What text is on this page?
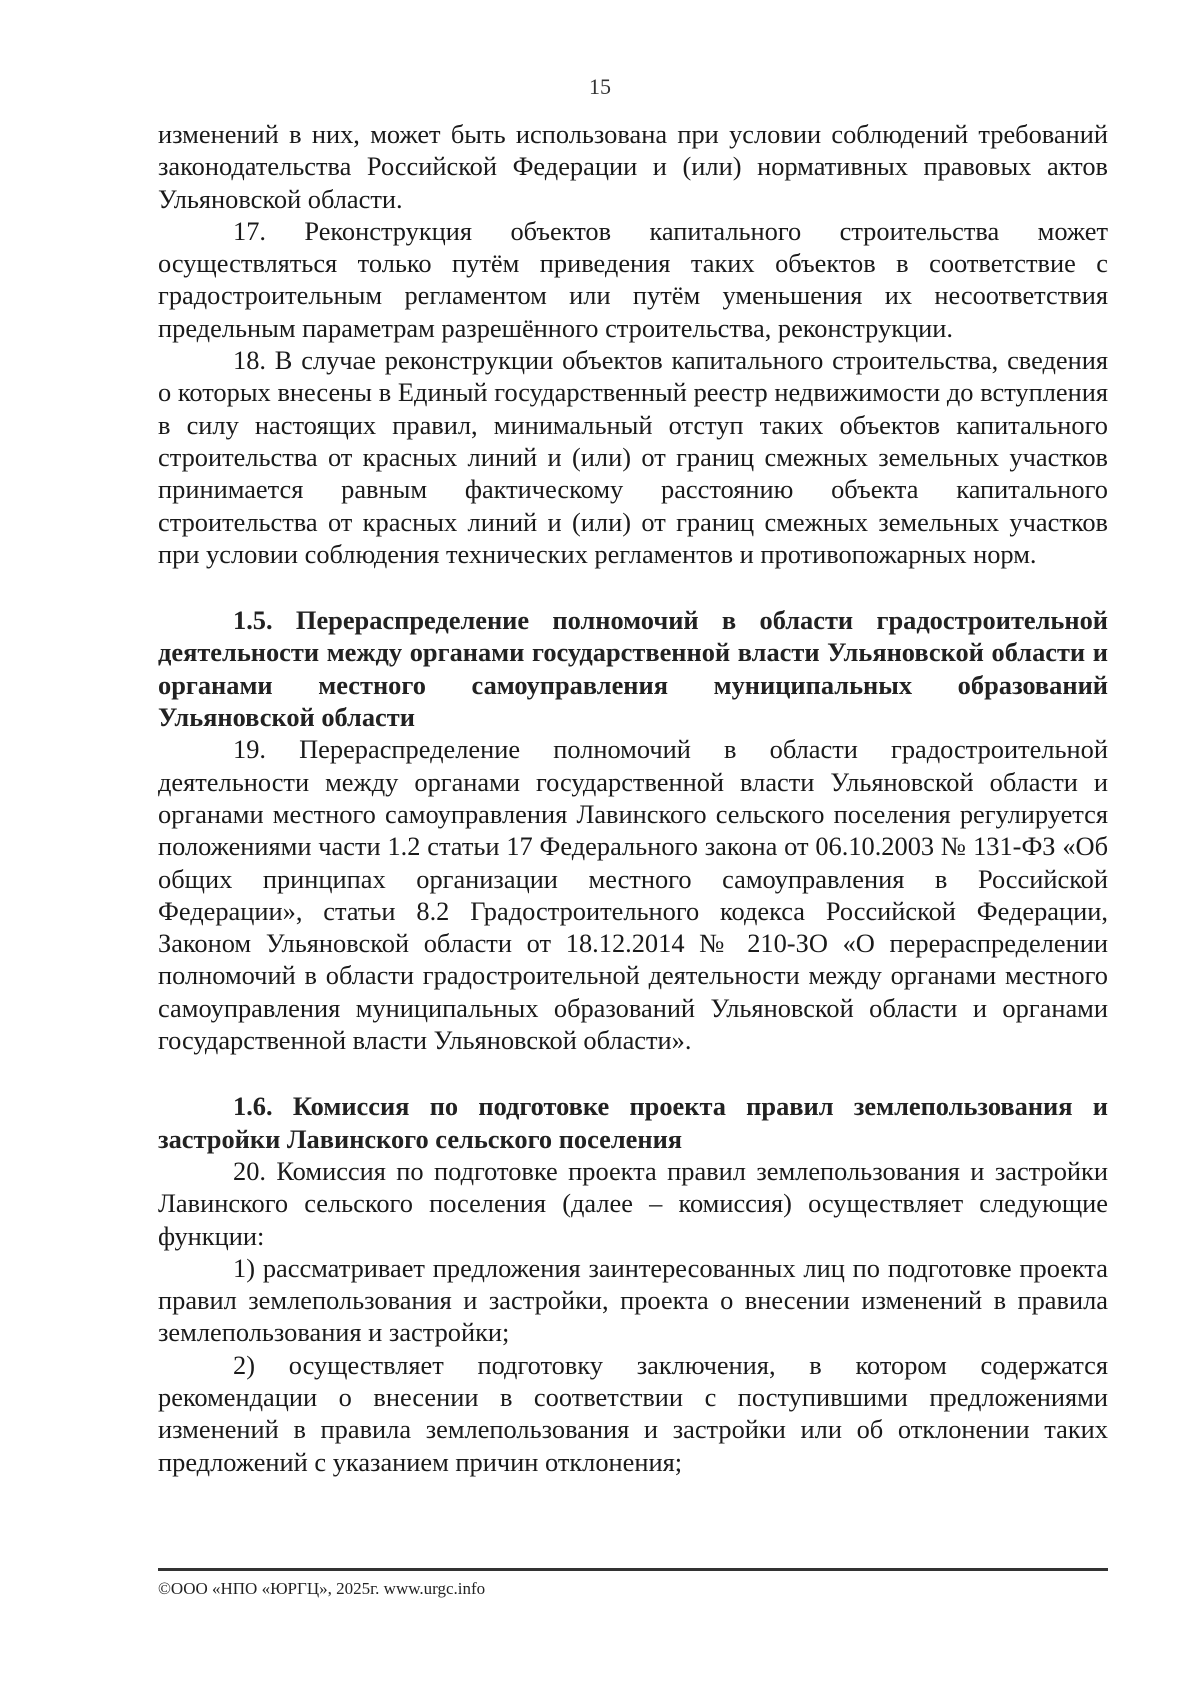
15

изменений в них, может быть использована при условии соблюдений требований законодательства Российской Федерации и (или) нормативных правовых актов Ульяновской области.

17. Реконструкция объектов капитального строительства может осуществляться только путём приведения таких объектов в соответствие с градостроительным регламентом или путём уменьшения их несоответствия предельным параметрам разрешённого строительства, реконструкции.

18. В случае реконструкции объектов капитального строительства, сведения о которых внесены в Единый государственный реестр недвижимости до вступления в силу настоящих правил, минимальный отступ таких объектов капитального строительства от красных линий и (или) от границ смежных земельных участков принимается равным фактическому расстоянию объекта капитального строительства от красных линий и (или) от границ смежных земельных участков при условии соблюдения технических регламентов и противопожарных норм.

1.5. Перераспределение полномочий в области градостроительной деятельности между органами государственной власти Ульяновской области и органами местного самоуправления муниципальных образований Ульяновской области

19. Перераспределение полномочий в области градостроительной деятельности между органами государственной власти Ульяновской области и органами местного самоуправления Лавинского сельского поселения регулируется положениями части 1.2 статьи 17 Федерального закона от 06.10.2003 № 131-ФЗ «Об общих принципах организации местного самоуправления в Российской Федерации», статьи 8.2 Градостроительного кодекса Российской Федерации, Законом Ульяновской области от 18.12.2014 № 210-ЗО «О перераспределении полномочий в области градостроительной деятельности между органами местного самоуправления муниципальных образований Ульяновской области и органами государственной власти Ульяновской области».

1.6. Комиссия по подготовке проекта правил землепользования и застройки Лавинского сельского поселения

20. Комиссия по подготовке проекта правил землепользования и застройки Лавинского сельского поселения (далее – комиссия) осуществляет следующие функции:

1) рассматривает предложения заинтересованных лиц по подготовке проекта правил землепользования и застройки, проекта о внесении изменений в правила землепользования и застройки;

2) осуществляет подготовку заключения, в котором содержатся рекомендации о внесении в соответствии с поступившими предложениями изменений в правила землепользования и застройки или об отклонении таких предложений с указанием причин отклонения;

©ООО «НПО «ЮРГЦ», 2025г. www.urgc.info
